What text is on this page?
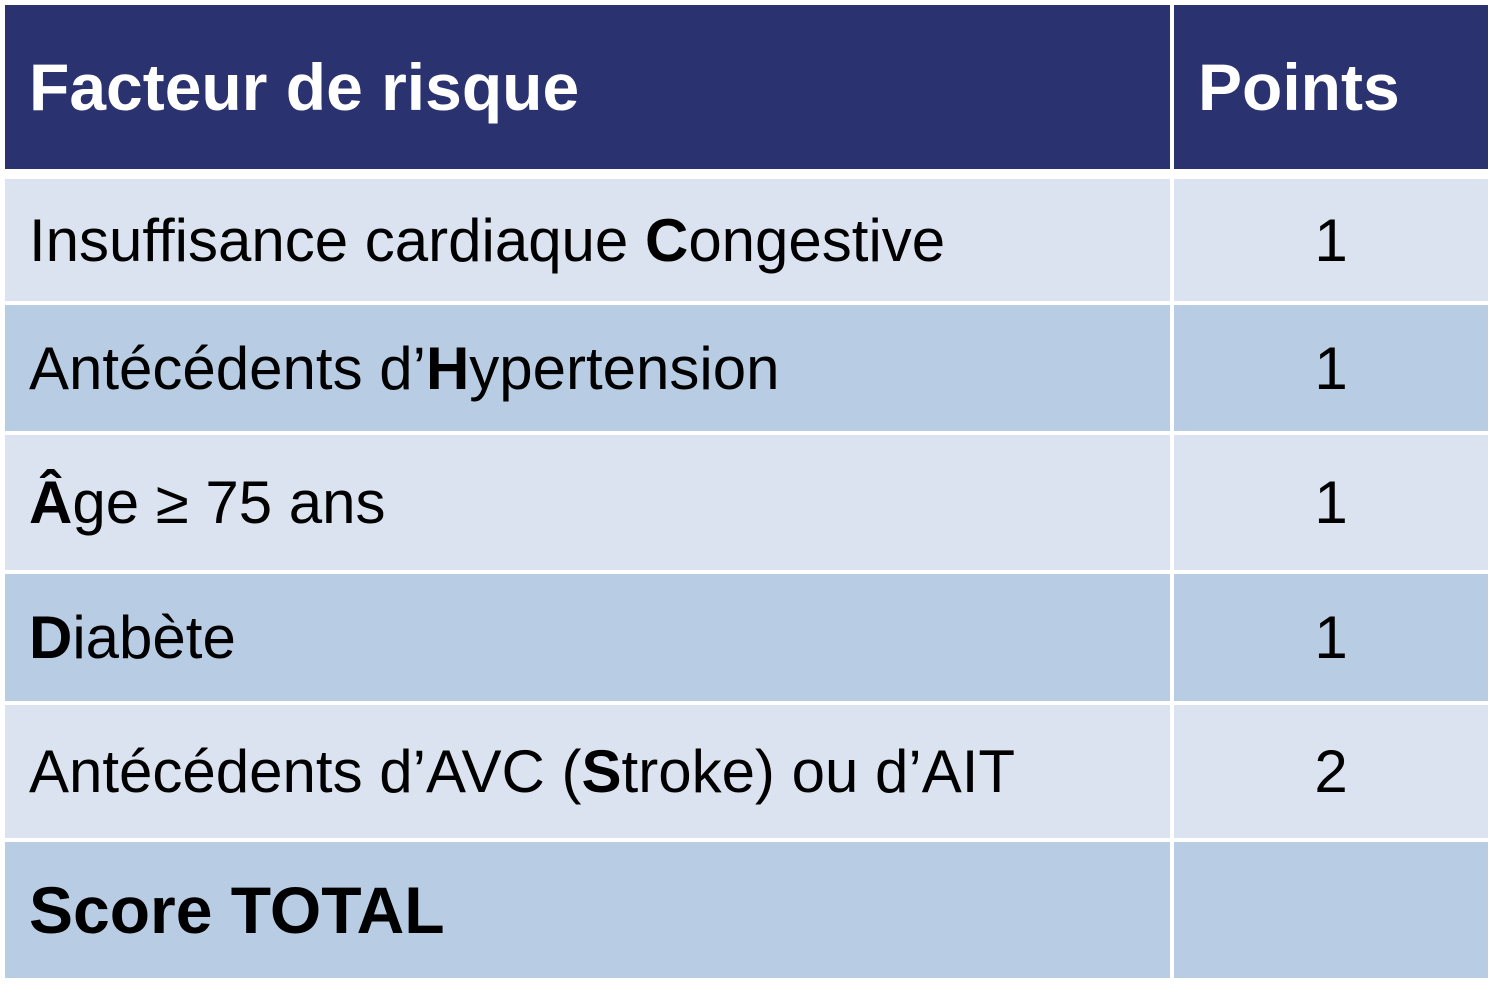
Facteur de risque	Points
Insuffisance cardiaque C ongestive	1
Antécédents d’ H ypertension	1
Â ge ≥ 75 ans	1
D iabète	1
Antécédents d’AVC ( S troke) ou d’AIT	2
Score TOTAL
